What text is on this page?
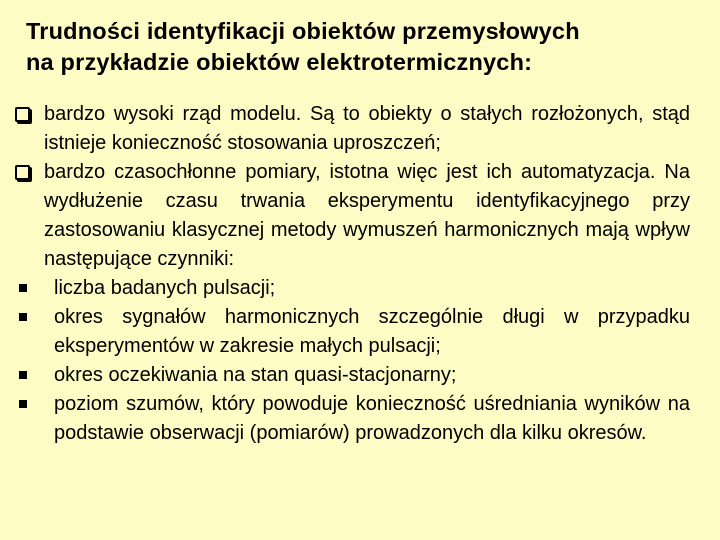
Trudności identyfikacji obiektów przemysłowych
na przykładzie obiektów elektrotermicznych:
bardzo wysoki rząd modelu. Są to obiekty o stałych rozłożonych, stąd istnieje konieczność stosowania uproszczeń;
bardzo czasochłonne pomiary, istotna więc jest ich automatyzacja. Na wydłużenie czasu trwania eksperymentu identyfikacyjnego przy zastosowaniu klasycznej metody wymuszeń harmonicznych mają wpływ następujące czynniki:
liczba badanych pulsacji;
okres sygnałów harmonicznych szczególnie długi w przypadku eksperymentów w zakresie małych pulsacji;
okres oczekiwania na stan quasi-stacjonarny;
poziom szumów, który powoduje konieczność uśredniania wyników na podstawie obserwacji (pomiarów) prowadzonych dla kilku okresów.
